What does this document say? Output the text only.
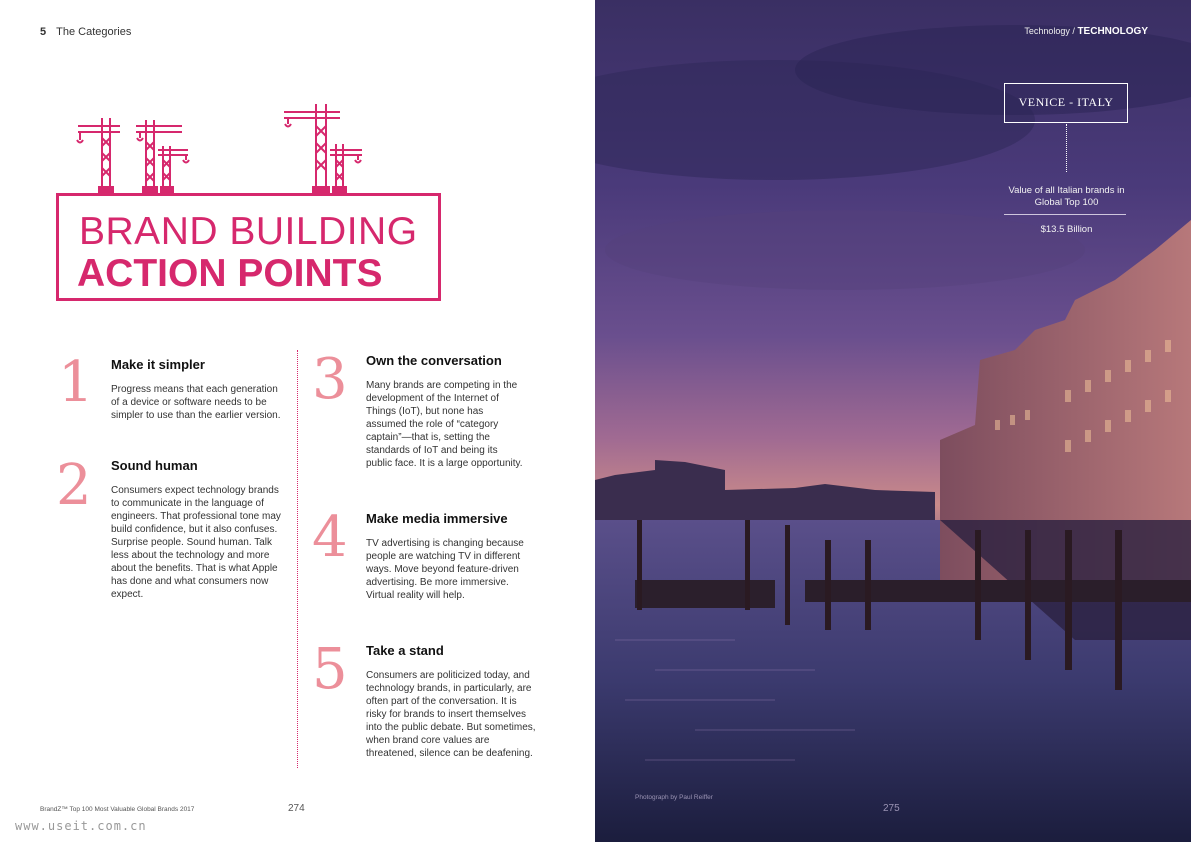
5 The Categories
BRAND BUILDING
ACTION POINTS
1 Make it simpler
Progress means that each generation of a device or software needs to be simpler to use than the earlier version.
2 Sound human
Consumers expect technology brands to communicate in the language of engineers. That professional tone may build confidence, but it also confuses. Surprise people. Sound human. Talk less about the technology and more about the benefits. That is what Apple has done and what consumers now expect.
3 Own the conversation
Many brands are competing in the development of the Internet of Things (IoT), but none has assumed the role of “category captain”—that is, setting the standards of IoT and being its public face. It is a large opportunity.
4 Make media immersive
TV advertising is changing because people are watching TV in different ways. Move beyond feature-driven advertising. Be more immersive. Virtual reality will help.
5 Take a stand
Consumers are politicized today, and technology brands, in particularly, are often part of the conversation. It is risky for brands to insert themselves into the public debate. But sometimes, when brand core values are threatened, silence can be deafening.
BrandZ™ Top 100 Most Valuable Global Brands 2017	274
www.useit.com.cn
Technology / TECHNOLOGY
VENICE - ITALY
Value of all Italian brands in Global Top 100
$13.5 Billion
Photograph by Paul Reiffer
275
